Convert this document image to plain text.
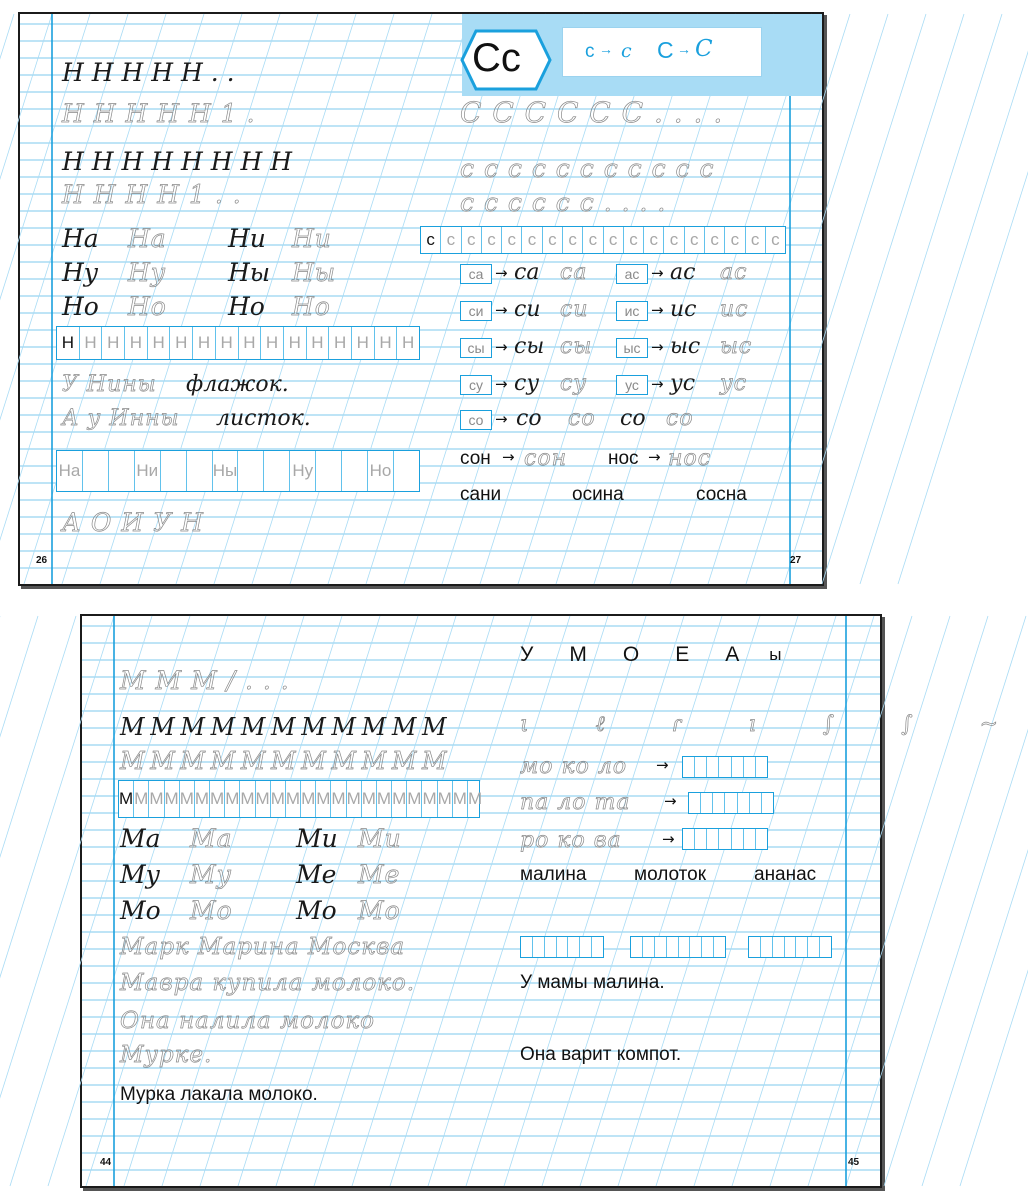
Сс	с → с С → С
Н Н Н Н Н . .
Н Н Н Н Н 1 .
Н Н Н Н Н Н Н Н
Н Н Н Н 1 . .
На На Ни Ни
Ну Ну Ны Ны
Но Но Но Но
Н Н Н Н Н Н Н Н Н Н Н Н Н Н Н Н
У Нины флажок.
А у Инны листок.
На	Ни	Ны	Ну	Но
А О И У Н
С С С С С С . . . .
с с с с с с с с с с с
с с с с с с . . . .
с с с с с с с с с с с с с с с с с с
со → со со со со
сон → сон нос → нос
сани	осина	сосна
26	27
са → са са	ас → ас ас
си → си си	ис → ис ис
сы → сы сы	ыс → ыс ыс
су → су су	ус → ус ус
М М М / . . .
М М М М М М М М М М М
М М М М М М М М М М М
М М М М М М М М М М М М М М М М М М М М М М М М
Ма Ма	Ми Ми
Му Му	Ме Ме
Мо Мо	Мо Мо
Марк Марина Москва
Мавра купила молоко.
Она налила молоко
Мурке.
Мурка лакала молоко.
У М О Е А ы
ι ℓ ɾ ı ∫ ∫ ~
мо ко ло →
па ло та →
ро ко ва	→
малина	молоток	ананас
У мамы малина.
Она варит компот.
44	45
